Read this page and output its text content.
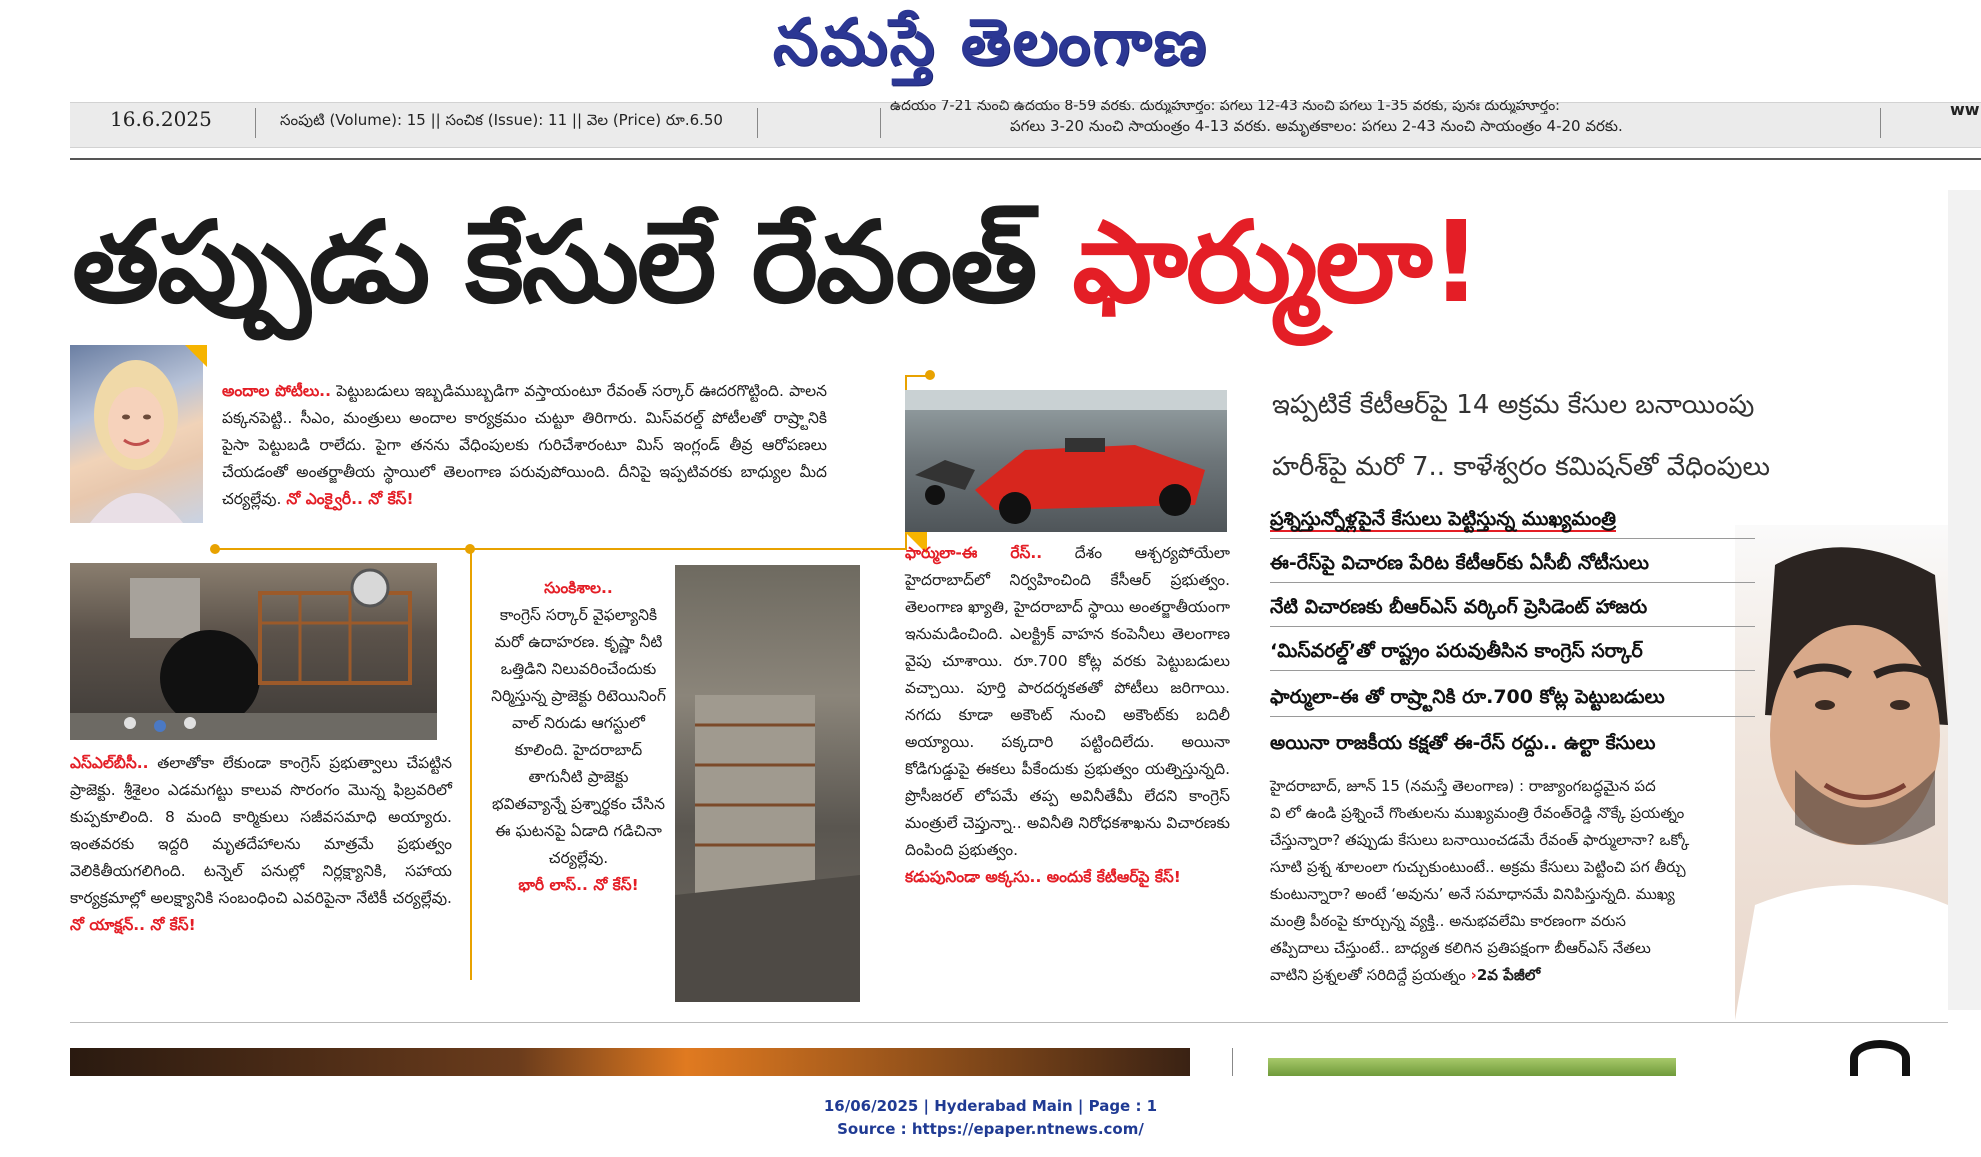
నమస్తే తెలంగాణ
16.6.2025	సంపుటి (Volume): 15 || సంచిక (Issue): 11 || వెల (Price) రూ.6.50
ఉదయం 7-21 నుంచి ఉదయం 8-59 వరకు. దుర్ముహూర్తం: పగలు 12-43 నుంచి పగలు 1-35 వరకు, పునః దుర్ముహూర్తం:
పగలు 3-20 నుంచి సాయంత్రం 4-13 వరకు. అమృతకాలం: పగలు 2-43 నుంచి సాయంత్రం 4-20 వరకు.
ww
తప్పుడు కేసులే రేవంత్ ఫార్ములా!
అందాల పోటీలు.. పెట్టుబడులు ఇబ్బడిముబ్బడిగా వస్తాయంటూ రేవంత్ సర్కార్ ఊదరగొట్టింది. పాలన పక్కనపెట్టి.. సీఎం, మంత్రులు అందాల కార్యక్రమం చుట్టూ తిరిగారు. మిస్‌వరల్డ్ పోటీలతో రాష్ర్టానికి పైసా పెట్టుబడి రాలేదు. పైగా తనను వేధింపులకు గురిచేశారంటూ మిస్ ఇంగ్లండ్ తీవ్ర ఆరోపణలు చేయడంతో అంతర్జాతీయ స్థాయిలో తెలంగాణ పరువుపోయింది. దీనిపై ఇప్పటివరకు బాధ్యుల మీద చర్యల్లేవు. నో ఎంక్వైరీ.. నో కేస్!
ఎస్‌ఎల్‌బీసీ.. తలాతోకా లేకుండా కాంగ్రెస్ ప్రభుత్వాలు చేపట్టిన ప్రాజెక్టు. శ్రీశైలం ఎడమగట్టు కాలువ సొరంగం మొన్న ఫిబ్రవరిలో కుప్పకూలింది. 8 మంది కార్మికులు సజీవసమాధి అయ్యారు. ఇంతవరకు ఇద్దరి మృతదేహాలను మాత్రమే ప్రభుత్వం వెలికితీయగలిగింది. టన్నెల్ పనుల్లో నిర్లక్ష్యానికి, సహాయ కార్యక్రమాల్లో అలక్ష్యానికి సంబంధించి ఎవరిపైనా నేటికీ చర్యల్లేవు. నో యాక్షన్.. నో కేస్!
సుంకిశాల..
కాంగ్రెస్ సర్కార్ వైఫల్యానికి మరో ఉదాహరణ. కృష్ణా నీటి ఒత్తిడిని నిలువరించేందుకు నిర్మిస్తున్న ప్రాజెక్టు రిటెయినింగ్ వాల్ నిరుడు ఆగస్టులో కూలింది. హైదరాబాద్ తాగునీటి ప్రాజెక్టు భవితవ్యాన్నే ప్రశ్నార్థకం చేసిన ఈ ఘటనపై ఏడాది గడిచినా చర్యల్లేవు.
భారీ లాస్.. నో కేస్!
ఫార్ములా-ఈ రేస్.. దేశం ఆశ్చర్యపోయేలా హైదరాబాద్‌లో నిర్వహించింది కేసీఆర్ ప్రభుత్వం. తెలంగాణ ఖ్యాతి, హైదరాబాద్ స్థాయి అంతర్జాతీయంగా ఇనుమడించింది. ఎలక్ట్రిక్ వాహన కంపెనీలు తెలంగాణ వైపు చూశాయి. రూ.700 కోట్ల వరకు పెట్టుబడులు వచ్చాయి. పూర్తి పారదర్శకతతో పోటీలు జరిగాయి. నగదు కూడా అకౌంట్ నుంచి అకౌంట్‌కు బదిలీ అయ్యాయి. పక్కదారి పట్టిందిలేదు. అయినా కోడిగుడ్డుపై ఈకలు పీకేందుకు ప్రభుత్వం యత్నిస్తున్నది. ప్రొసీజరల్ లోపమే తప్ప అవినీతేమీ లేదని కాంగ్రెస్ మంత్రులే చెప్తున్నా.. అవినీతి నిరోధకశాఖను విచారణకు దింపింది ప్రభుత్వం.
కడుపునిండా అక్కసు.. అందుకే కేటీఆర్‌పై కేస్!
ఇప్పటికే కేటీఆర్‌పై 14 అక్రమ కేసుల బనాయింపు
హరీశ్‌పై మరో 7.. కాళేశ్వరం కమిషన్‌తో వేధింపులు
ప్రశ్నిస్తున్నోళ్లపైనే కేసులు పెట్టిస్తున్న ముఖ్యమంత్రి
ఈ-రేస్‌పై విచారణ పేరిట కేటీఆర్‌కు ఏసీబీ నోటీసులు
నేటి విచారణకు బీఆర్‌ఎస్ వర్కింగ్ ప్రెసిడెంట్ హాజరు
‘మిస్‌వరల్డ్’తో రాష్ట్రం పరువుతీసిన కాంగ్రెస్ సర్కార్
ఫార్ములా-ఈ తో రాష్ర్టానికి రూ.700 కోట్ల పెట్టుబడులు
అయినా రాజకీయ కక్షతో ఈ-రేస్ రద్దు.. ఉల్టా కేసులు
హైదరాబాద్, జూన్ 15 (నమస్తే తెలంగాణ) : రాజ్యాంగబద్ధమైన పద
వి లో ఉండి ప్రశ్నించే గొంతులను ముఖ్యమంత్రి రేవంత్‌రెడ్డి నొక్కే ప్రయత్నం
చేస్తున్నారా? తప్పుడు కేసులు బనాయించడమే రేవంత్ ఫార్ములానా? ఒక్కో
సూటి ప్రశ్న శూలంలా గుచ్చుకుంటుంటే.. అక్రమ కేసులు పెట్టించి పగ తీర్చు
కుంటున్నారా? అంటే ‘అవును’ అనే సమాధానమే వినిపిస్తున్నది. ముఖ్య
మంత్రి పీఠంపై కూర్చున్న వ్యక్తి.. అనుభవలేమి కారణంగా వరుస
తప్పిదాలు చేస్తుంటే.. బాధ్యత కలిగిన ప్రతిపక్షంగా బీఆర్‌ఎస్ నేతలు
వాటిని ప్రశ్నలతో సరిదిద్దే ప్రయత్నం ›2వ పేజీలో
16/06/2025 | Hyderabad Main | Page : 1
Source : https://epaper.ntnews.com/
